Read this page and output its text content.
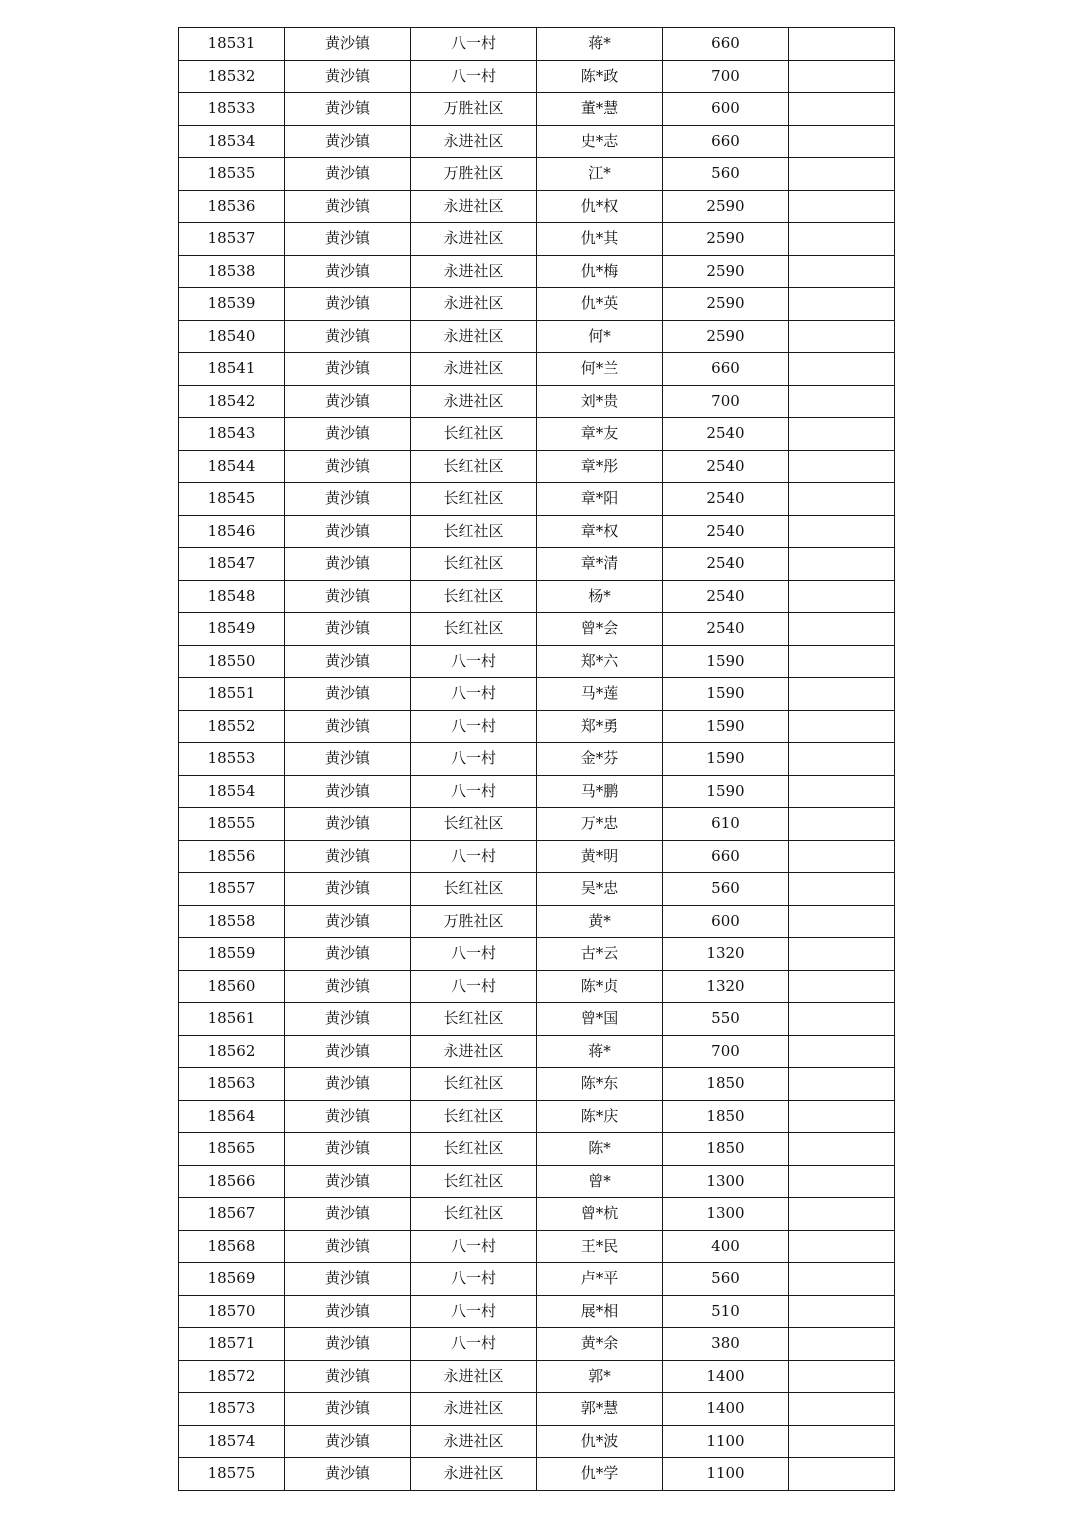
18531	黄沙镇	八一村	蒋*	660	
18532	黄沙镇	八一村	陈*政	700	
18533	黄沙镇	万胜社区	董*慧	600	
18534	黄沙镇	永进社区	史*志	660	
18535	黄沙镇	万胜社区	江*	560	
18536	黄沙镇	永进社区	仇*权	2590	
18537	黄沙镇	永进社区	仇*其	2590	
18538	黄沙镇	永进社区	仇*梅	2590	
18539	黄沙镇	永进社区	仇*英	2590	
18540	黄沙镇	永进社区	何*	2590	
18541	黄沙镇	永进社区	何*兰	660	
18542	黄沙镇	永进社区	刘*贵	700	
18543	黄沙镇	长红社区	章*友	2540	
18544	黄沙镇	长红社区	章*彤	2540	
18545	黄沙镇	长红社区	章*阳	2540	
18546	黄沙镇	长红社区	章*权	2540	
18547	黄沙镇	长红社区	章*清	2540	
18548	黄沙镇	长红社区	杨*	2540	
18549	黄沙镇	长红社区	曾*会	2540	
18550	黄沙镇	八一村	郑*六	1590	
18551	黄沙镇	八一村	马*莲	1590	
18552	黄沙镇	八一村	郑*勇	1590	
18553	黄沙镇	八一村	金*芬	1590	
18554	黄沙镇	八一村	马*鹏	1590	
18555	黄沙镇	长红社区	万*忠	610	
18556	黄沙镇	八一村	黄*明	660	
18557	黄沙镇	长红社区	吴*忠	560	
18558	黄沙镇	万胜社区	黄*	600	
18559	黄沙镇	八一村	古*云	1320	
18560	黄沙镇	八一村	陈*贞	1320	
18561	黄沙镇	长红社区	曾*国	550	
18562	黄沙镇	永进社区	蒋*	700	
18563	黄沙镇	长红社区	陈*东	1850	
18564	黄沙镇	长红社区	陈*庆	1850	
18565	黄沙镇	长红社区	陈*	1850	
18566	黄沙镇	长红社区	曾*	1300	
18567	黄沙镇	长红社区	曾*杭	1300	
18568	黄沙镇	八一村	王*民	400	
18569	黄沙镇	八一村	卢*平	560	
18570	黄沙镇	八一村	展*相	510	
18571	黄沙镇	八一村	黄*余	380	
18572	黄沙镇	永进社区	郭*	1400	
18573	黄沙镇	永进社区	郭*慧	1400	
18574	黄沙镇	永进社区	仇*波	1100	
18575	黄沙镇	永进社区	仇*学	1100	
